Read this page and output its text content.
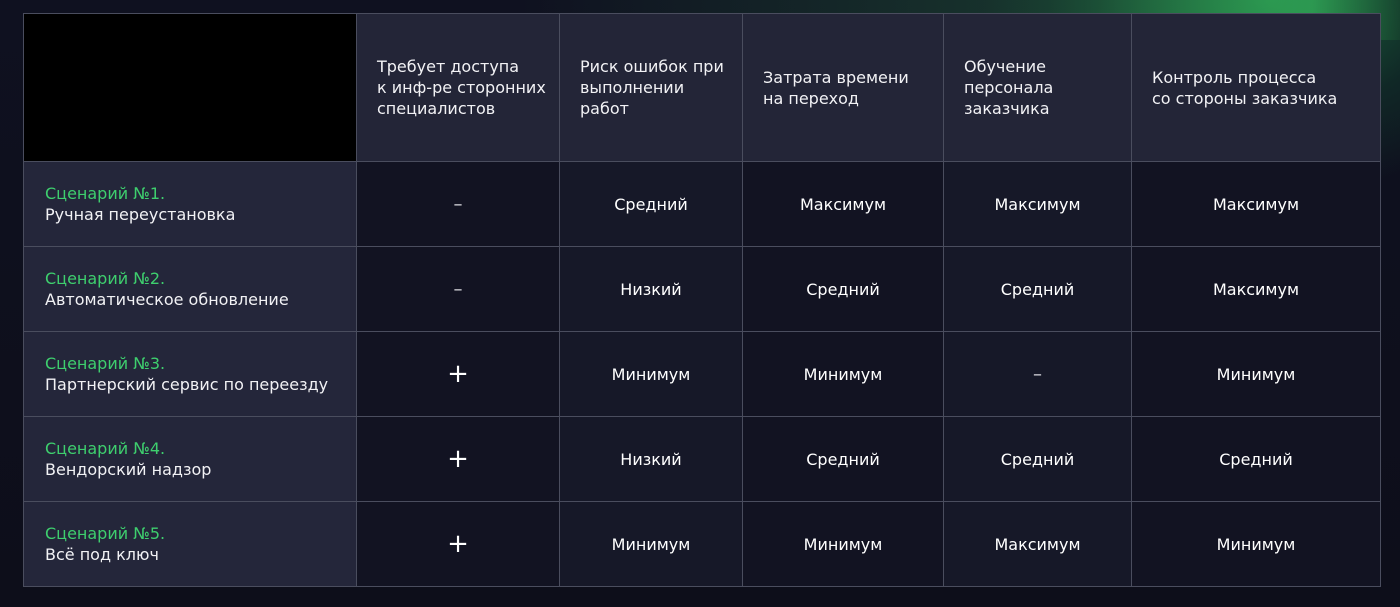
	Требует доступа
к инф-ре сторонних
специалистов	Риск ошибок при
выполнении работ	Затрата времени
на переход	Обучение
персонала
заказчика	Контроль процесса
со стороны заказчика

Сценарий №1.
Ручная переустановка	–	Средний	Максимум	Максимум	Максимум

Сценарий №2.
Автоматическое обновление	–	Низкий	Средний	Средний	Максимум

Сценарий №3.
Партнерский сервис по переезду	+	Минимум	Минимум	–	Минимум

Сценарий №4.
Вендорский надзор	+	Низкий	Средний	Средний	Средний

Сценарий №5.
Всё под ключ	+	Минимум	Минимум	Максимум	Минимум
